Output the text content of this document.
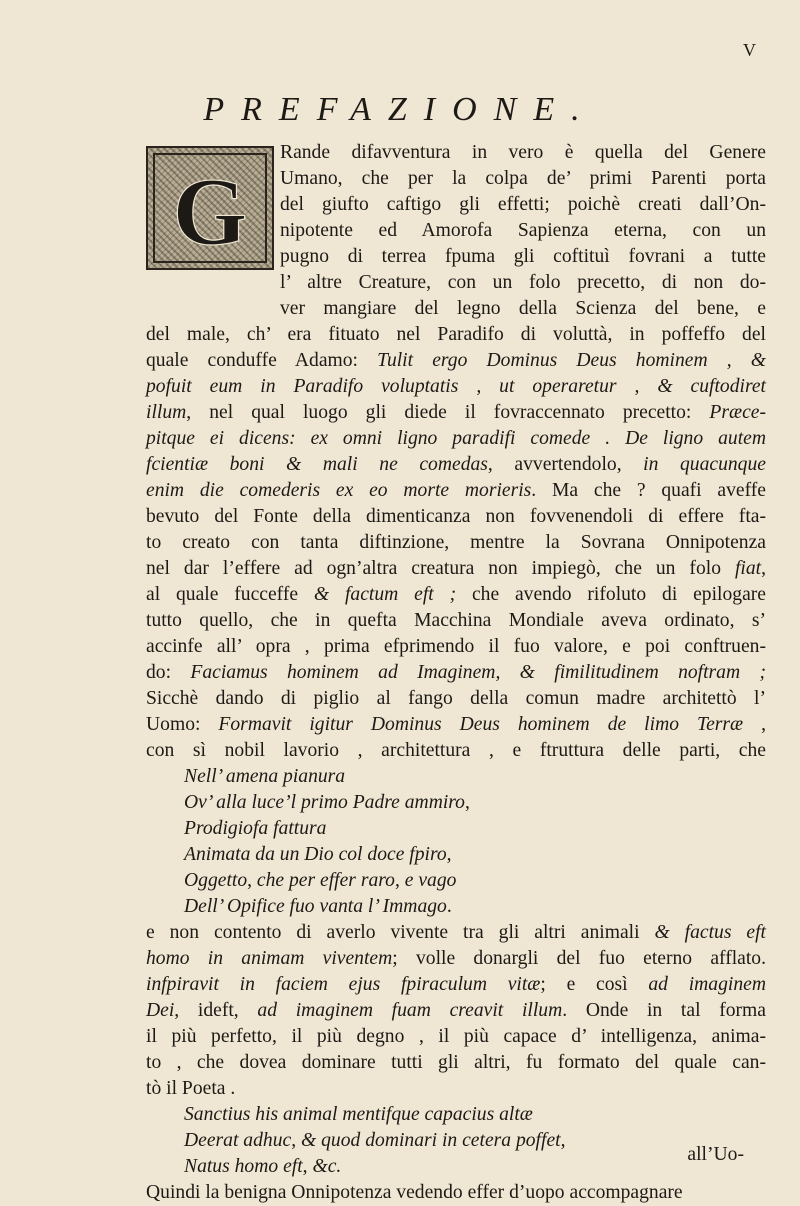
V
PREFAZIONE.
G
Rande difavventura in vero è quella del Genere
Umano, che per la colpa de’ primi Parenti porta
del giufto caftigo gli effetti; poichè creati dall’On-
nipotente ed Amorofa Sapienza eterna, con un
pugno di terrea fpuma gli coftituì fovrani a tutte
l’ altre Creature, con un folo precetto, di non do-
ver mangiare del legno della Scienza del bene, e
del male, ch’ era fituato nel Paradifo di voluttà, in poffeffo del
quale conduffe Adamo: Tulit ergo Dominus Deus hominem , &
pofuit eum in Paradifo voluptatis , ut operaretur , & cuftodiret
illum, nel qual luogo gli diede il fovraccennato precetto: Præce-
pitque ei dicens: ex omni ligno paradifi comede . De ligno autem
fcientiæ boni & mali ne comedas, avvertendolo, in quacunque
enim die comederis ex eo morte morieris. Ma che ? quafi aveffe
bevuto del Fonte della dimenticanza non fovvenendoli di effere fta-
to creato con tanta diftinzione, mentre la Sovrana Onnipotenza
nel dar l’effere ad ogn’altra creatura non impiegò, che un folo fiat,
al quale fucceffe & factum eft ; che avendo rifoluto di epilogare
tutto quello, che in quefta Macchina Mondiale aveva ordinato, s’
accinfe all’ opra , prima efprimendo il fuo valore, e poi conftruen-
do: Faciamus hominem ad Imaginem, & fimilitudinem noftram ;
Sicchè dando di piglio al fango della comun madre architettò l’
Uomo: Formavit igitur Dominus Deus hominem de limo Terræ ,
con sì nobil lavorio , architettura , e ftruttura delle parti, che
Nell’ amena pianura
Ov’ alla luce’l primo Padre ammiro,
Prodigiofa fattura
Animata da un Dio col doce fpiro,
Oggetto, che per effer raro, e vago
Dell’ Opifice fuo vanta l’ Immago.
e non contento di averlo vivente tra gli altri animali & factus eft
homo in animam viventem; volle donargli del fuo eterno afflato.
infpiravit in faciem ejus fpiraculum vitæ; e così ad imaginem
Dei, ideft, ad imaginem fuam creavit illum. Onde in tal forma
il più perfetto, il più degno , il più capace d’ intelligenza, anima-
to , che dovea dominare tutti gli altri, fu formato del quale can-
tò il Poeta .
Sanctius his animal mentifque capacius altæ
Deerat adhuc, & quod dominari in cetera poffet,
Natus homo eft, &c.
Quindi la benigna Onnipotenza vedendo effer d’uopo accompagnare
all’Uo-
